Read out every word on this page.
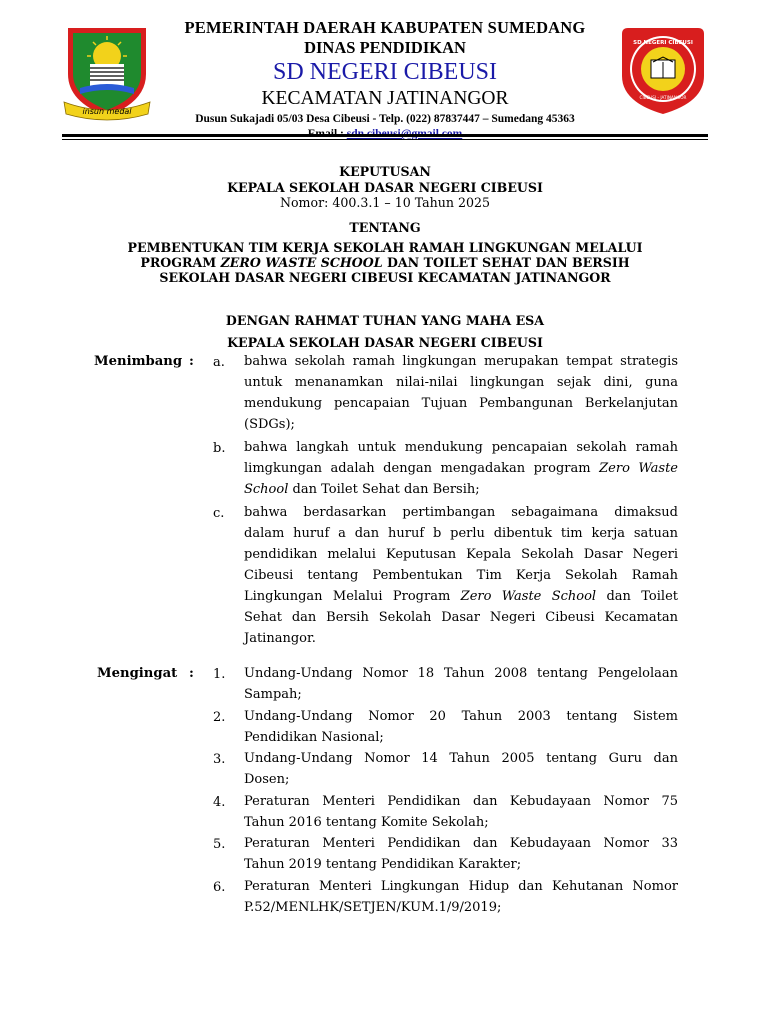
insun medal
PEMERINTAH DAERAH KABUPATEN SUMEDANG
DINAS PENDIDIKAN
SD NEGERI CIBEUSI
KECAMATAN JATINANGOR
Dusun Sukajadi 05/03 Desa Cibeusi - Telp. (022) 87837447 – Sumedang 45363
SD NEGERI CIBEUSI
CIBEUSI - JATINANGOR
KEPUTUSAN
KEPALA SEKOLAH DASAR NEGERI CIBEUSI
Nomor: 400.3.1 – 10 Tahun 2025
TENTANG
PEMBENTUKAN TIM KERJA SEKOLAH RAMAH LINGKUNGAN MELALUI
PROGRAM ZERO WASTE SCHOOL DAN TOILET SEHAT DAN BERSIH
SEKOLAH DASAR NEGERI CIBEUSI KECAMATAN JATINANGOR
DENGAN RAHMAT TUHAN YANG MAHA ESA
KEPALA SEKOLAH DASAR NEGERI CIBEUSI
Menimbang : a. bahwa sekolah ramah lingkungan merupakan tempat strategis
untuk menanamkan nilai-nilai lingkungan sejak dini, guna
mendukung pencapaian Tujuan Pembangunan Berkelanjutan
(SDGs);
b. bahwa langkah untuk mendukung pencapaian sekolah ramah
limgkungan adalah dengan mengadakan program Zero Waste
School dan Toilet Sehat dan Bersih;
c. bahwa berdasarkan pertimbangan sebagaimana dimaksud
dalam huruf a dan huruf b perlu dibentuk tim kerja satuan
pendidikan melalui Keputusan Kepala Sekolah Dasar Negeri
Cibeusi tentang Pembentukan Tim Kerja Sekolah Ramah
Lingkungan Melalui Program Zero Waste School dan Toilet
Sehat dan Bersih Sekolah Dasar Negeri Cibeusi Kecamatan
Jatinangor.
Mengingat : 1. Undang-Undang Nomor 18 Tahun 2008 tentang Pengelolaan
Sampah;
2. Undang-Undang Nomor 20 Tahun 2003 tentang Sistem
Pendidikan Nasional;
3. Undang-Undang Nomor 14 Tahun 2005 tentang Guru dan
Dosen;
4. Peraturan Menteri Pendidikan dan Kebudayaan Nomor 75
Tahun 2016 tentang Komite Sekolah;
5. Peraturan Menteri Pendidikan dan Kebudayaan Nomor 33
Tahun 2019 tentang Pendidikan Karakter;
6. Peraturan Menteri Lingkungan Hidup dan Kehutanan Nomor
P.52/MENLHK/SETJEN/KUM.1/9/2019;
